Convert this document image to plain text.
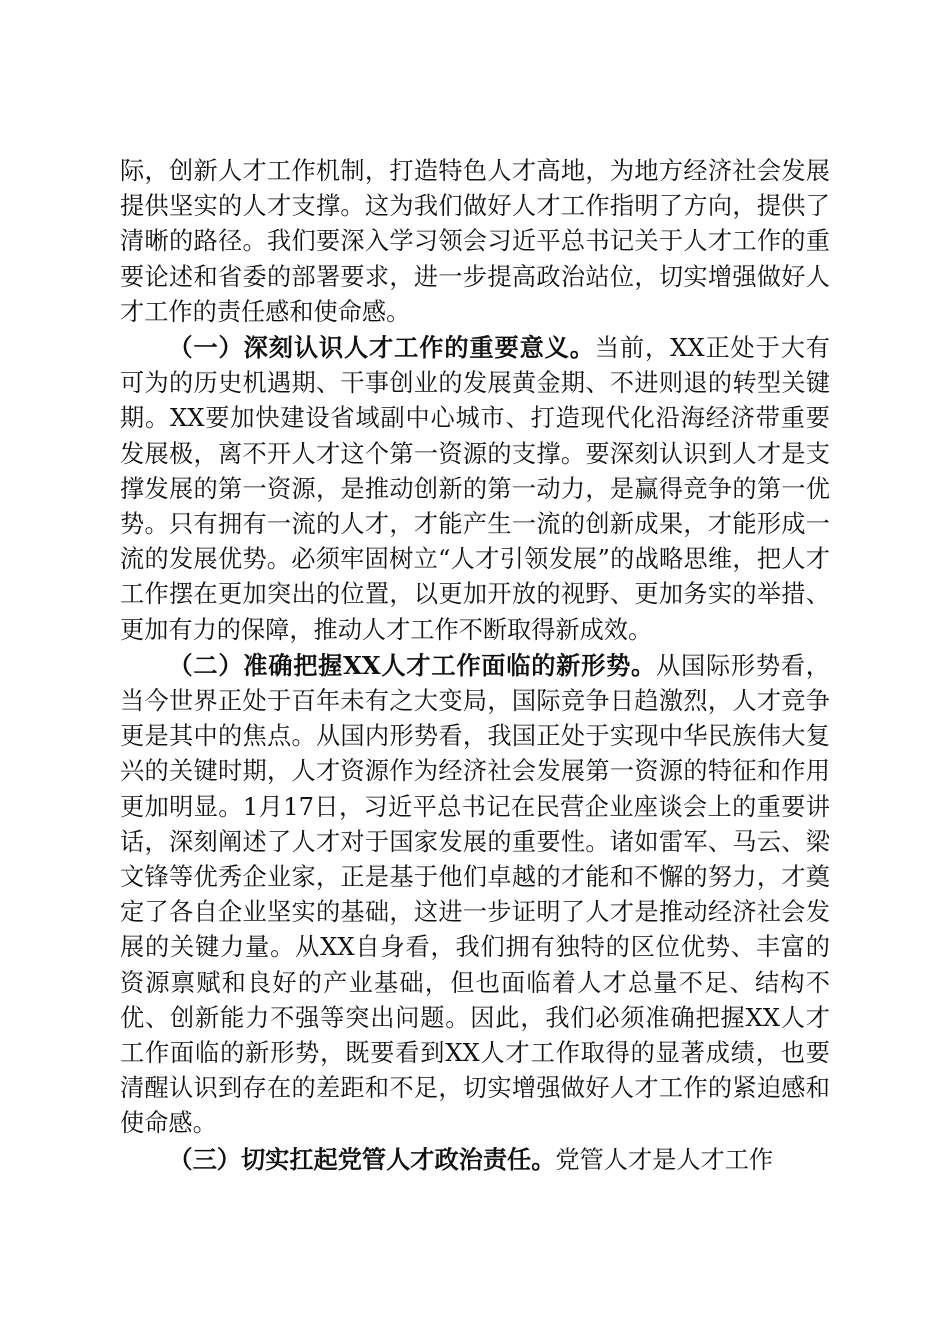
际，创新人才工作机制，打造特色人才高地，为地方经济社会发展提供坚实的人才支撑。这为我们做好人才工作指明了方向，提供了清晰的路径。我们要深入学习领会习近平总书记关于人才工作的重要论述和省委的部署要求，进一步提高政治站位，切实增强做好人才工作的责任感和使命感。

（一）深刻认识人才工作的重要意义。当前，XX正处于大有可为的历史机遇期、干事创业的发展黄金期、不进则退的转型关键期。XX要加快建设省域副中心城市、打造现代化沿海经济带重要发展极，离不开人才这个第一资源的支撑。要深刻认识到人才是支撑发展的第一资源，是推动创新的第一动力，是赢得竞争的第一优势。只有拥有一流的人才，才能产生一流的创新成果，才能形成一流的发展优势。必须牢固树立“人才引领发展”的战略思维，把人才工作摆在更加突出的位置，以更加开放的视野、更加务实的举措、更加有力的保障，推动人才工作不断取得新成效。

（二）准确把握XX人才工作面临的新形势。从国际形势看，当今世界正处于百年未有之大变局，国际竞争日趋激烈，人才竞争更是其中的焦点。从国内形势看，我国正处于实现中华民族伟大复兴的关键时期，人才资源作为经济社会发展第一资源的特征和作用更加明显。1月17日，习近平总书记在民营企业座谈会上的重要讲话，深刻阐述了人才对于国家发展的重要性。诸如雷军、马云、梁文锋等优秀企业家，正是基于他们卓越的才能和不懈的努力，才奠定了各自企业坚实的基础，这进一步证明了人才是推动经济社会发展的关键力量。从XX自身看，我们拥有独特的区位优势、丰富的资源禀赋和良好的产业基础，但也面临着人才总量不足、结构不优、创新能力不强等突出问题。因此，我们必须准确把握XX人才工作面临的新形势，既要看到XX人才工作取得的显著成绩，也要清醒认识到存在的差距和不足，切实增强做好人才工作的紧迫感和使命感。

（三）切实扛起党管人才政治责任。党管人才是人才工作
